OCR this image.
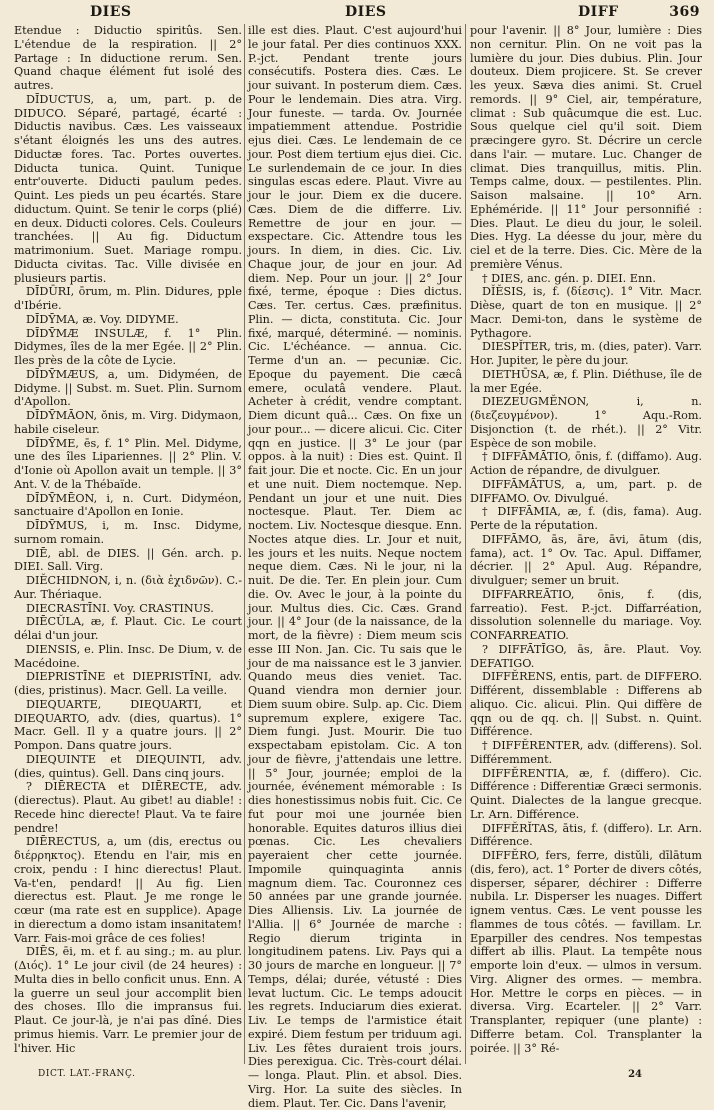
DIES	DIES	DIFF	369

Etendue : Diductio spiritûs. Sen. L'étendue de la respiration. || 2° Partage : In diductione rerum. Sen. Quand chaque élément fut isolé des autres.

DĪDUCTUS, a, um, part. p. de DIDUCO. Séparé, partagé, écarté : Diductis navibus. Cæs. Les vaisseaux s'étant éloignés les uns des autres. Diductæ fores. Tac. Portes ouvertes. Diducta tunica. Quint. Tunique entr'ouverte. Diducti paulum pedes. Quint. Les pieds un peu écartés. Stare diductum. Quint. Se tenir le corps (plié) en deux. Diducti colores. Cels. Couleurs tranchées. || Au fig. Diductum matrimonium. Suet. Mariage rompu. Diducta civitas. Tac. Ville divisée en plusieurs partis.

DĪDŪRI, ōrum, m. Plin. Didures, pple d'Ibérie.

DĪDȲMA, æ. Voy. DIDYME.

DĪDȲMÆ INSULÆ, f. 1° Plin. Didymes, îles de la mer Egée. || 2° Plin. Iles près de la côte de Lycie.

DĪDȲMÆUS, a, um. Didyméen, de Didyme. || Subst. m. Suet. Plin. Surnom d'Apollon.

DĪDȲMĀON, ŏnis, m. Virg. Didymaon, habile ciseleur.

DĪDȲME, ēs, f. 1° Plin. Mel. Didyme, une des îles Lipariennes. || 2° Plin. V. d'Ionie où Apollon avait un temple. || 3° Ant. V. de la Thébaïde.

DĪDȲMĒON, i, n. Curt. Didyméon, sanctuaire d'Apollon en Ionie.

DĪDȲMUS, i, m. Insc. Didyme, surnom romain.

DIĒ, abl. de DIES. || Gén. arch. p. DIEI. Sall. Virg.

DIĔCHIDNON, i, n. (διὰ ἐχιδνῶν). C.-Aur. Thériaque.

DIECRASTĪNI. Voy. CRASTINUS.

DIĒCŬLA, æ, f. Plaut. Cic. Le court délai d'un jour.

DIENSIS, e. Plin. Insc. De Dium, v. de Macédoine.

DIEPRISTĪNE et DIEPRISTĪNI, adv. (dies, pristinus). Macr. Gell. La veille.

DIEQUARTE, DIEQUARTI, et DIEQUARTO, adv. (dies, quartus). 1° Macr. Gell. Il y a quatre jours. || 2° Pompon. Dans quatre jours.

DIEQUINTE et DIEQUINTI, adv. (dies, quintus). Gell. Dans cinq jours.

? DIĒRECTA et DIĒRECTE, adv. (dierectus). Plaut. Au gibet! au diable! : Recede hinc dierecte! Plaut. Va te faire pendre!

DIĒRECTUS, a, um (dis, erectus ou διέρρηκτος). Etendu en l'air, mis en croix, pendu : I hinc dierectus! Plaut. Va-t'en, pendard! || Au fig. Lien dierectus est. Plaut. Je me ronge le cœur (ma rate est en supplice). Apage in dierectum a domo istam insanitatem! Varr. Fais-moi grâce de ces folies!

DIĒS, ēi, m. et f. au sing.; m. au plur. (Διός). 1° Le jour civil (de 24 heures) : Multa dies in bello conficit unus. Enn. A la guerre un seul jour accomplit bien des choses. Illo die impransus fui. Plaut. Ce jour-là, je n'ai pas dîné. Dies primus hiemis. Varr. Le premier jour de l'hiver. Hic

ille est dies. Plaut. C'est aujourd'hui le jour fatal. Per dies continuos XXX. P.-jct. Pendant trente jours consécutifs. Postera dies. Cæs. Le jour suivant. In posterum diem. Cæs. Pour le lendemain. Dies atra. Virg. Jour funeste. — tarda. Ov. Journée impatiemment attendue. Postridie ejus diei. Cæs. Le lendemain de ce jour. Post diem tertium ejus diei. Cic. Le surlendemain de ce jour. In dies singulas escas edere. Plaut. Vivre au jour le jour. Diem ex die ducere. Cæs. Diem de die differre. Liv. Remettre de jour en jour. — exspectare. Cic. Attendre tous les jours. In diem, in dies. Cic. Liv. Chaque jour, de jour en jour. Ad diem. Nep. Pour un jour. || 2° Jour fixé, terme, époque : Dies dictus. Cæs. Ter. certus. Cæs. præfinitus. Plin. — dicta, constituta. Cic. Jour fixé, marqué, déterminé. — nominis. Cic. L'échéance. — annua. Cic. Terme d'un an. — pecuniæ. Cic. Epoque du payement. Die cæcâ emere, oculatâ vendere. Plaut. Acheter à crédit, vendre comptant. Diem dicunt quâ... Cæs. On fixe un jour pour... — dicere alicui. Cic. Citer qqn en justice. || 3° Le jour (par oppos. à la nuit) : Dies est. Quint. Il fait jour. Die et nocte. Cic. En un jour et une nuit. Diem noctemque. Nep. Pendant un jour et une nuit. Dies noctesque. Plaut. Ter. Diem ac noctem. Liv. Noctesque diesque. Enn. Noctes atque dies. Lr. Jour et nuit, les jours et les nuits. Neque noctem neque diem. Cæs. Ni le jour, ni la nuit. De die. Ter. En plein jour. Cum die. Ov. Avec le jour, à la pointe du jour. Multus dies. Cic. Cæs. Grand jour. || 4° Jour (de la naissance, de la mort, de la fièvre) : Diem meum scis esse III Non. Jan. Cic. Tu sais que le jour de ma naissance est le 3 janvier. Quando meus dies veniet. Tac. Quand viendra mon dernier jour. Diem suum obire. Sulp. ap. Cic. Diem supremum explere, exigere Tac. Diem fungi. Just. Mourir. Die tuo exspectabam epistolam. Cic. A ton jour de fièvre, j'attendais une lettre. || 5° Jour, journée; emploi de la journée, événement mémorable : Is dies honestissimus nobis fuit. Cic. Ce fut pour moi une journée bien honorable. Equites daturos illius diei pœnas. Cic. Les chevaliers payeraient cher cette journée. Impomile quinquaginta annis magnum diem. Tac. Couronnez ces 50 années par une grande journée. Dies Alliensis. Liv. La journée de l'Allia. || 6° Journée de marche : Regio dierum triginta in longitudinem patens. Liv. Pays qui a 30 jours de marche en longueur. || 7° Temps, délai; durée, vétusté : Dies levat luctum. Cic. Le temps adoucit les regrets. Induciarum dies exierat. Liv. Le temps de l'armistice était expiré. Diem festum per triduum agi. Liv. Les fêtes duraient trois jours. Dies perexigua. Cic. Très-court délai. — longa. Plaut. Plin. et absol. Dies. Virg. Hor. La suite des siècles. In diem. Plaut. Ter. Cic. Dans l'avenir,

pour l'avenir. || 8° Jour, lumière : Dies non cernitur. Plin. On ne voit pas la lumière du jour. Dies dubius. Plin. Jour douteux. Diem projicere. St. Se crever les yeux. Sæva dies animi. St. Cruel remords. || 9° Ciel, air, température, climat : Sub quâcumque die est. Luc. Sous quelque ciel qu'il soit. Diem præcingere gyro. St. Décrire un cercle dans l'air. — mutare. Luc. Changer de climat. Dies tranquillus, mitis. Plin. Temps calme, doux. — pestilentes. Plin. Saison malsaine. || 10° Arn. Ephéméride. || 11° Jour personnifié : Dies. Plaut. Le dieu du jour, le soleil. Dies. Hyg. La déesse du jour, mère du ciel et de la terre. Dies. Cic. Mère de la première Vénus.

† DIES, anc. gén. p. DIEI. Enn.

DĬĔSIS, is, f. (δίεσις). 1° Vitr. Macr. Dièse, quart de ton en musique. || 2° Macr. Demi-ton, dans le système de Pythagore.

DIESPĬTER, tris, m. (dies, pater). Varr. Hor. Jupiter, le père du jour.

DIETHŪSA, æ, f. Plin. Diéthuse, île de la mer Egée.

DIEZEUGMĔNON, i, n. (διεζευγμένον). 1° Aqu.-Rom. Disjonction (t. de rhét.). || 2° Vitr. Espèce de son mobile.

† DIFFĀMĀTIO, ōnis, f. (diffamo). Aug. Action de répandre, de divulguer.

DIFFĀMĀTUS, a, um, part. p. de DIFFAMO. Ov. Divulgué.

† DIFFĀMIA, æ, f. (dis, fama). Aug. Perte de la réputation.

DIFFĀMO, ās, āre, āvi, ātum (dis, fama), act. 1° Ov. Tac. Apul. Diffamer, décrier. || 2° Apul. Aug. Répandre, divulguer; semer un bruit.

DIFFARREĀTIO, ōnis, f. (dis, farreatio). Fest. P.-jct. Diffarréation, dissolution solennelle du mariage. Voy. CONFARREATIO.

? DIFFĀTĪGO, ās, āre. Plaut. Voy. DEFATIGO.

DIFFĔRENS, entis, part. de DIFFERO. Différent, dissemblable : Differens ab aliquo. Cic. alicui. Plin. Qui diffère de qqn ou de qq. ch. || Subst. n. Quint. Différence.

† DIFFĔRENTER, adv. (differens). Sol. Différemment.

DIFFĔRENTIA, æ, f. (differo). Cic. Différence : Differentiæ Græci sermonis. Quint. Dialectes de la langue grecque. Lr. Arn. Différence.

DIFFĔRĬTAS, ātis, f. (differo). Lr. Arn. Différence.

DIFFĔRO, fers, ferre, distŭli, dīlātum (dis, fero), act. 1° Porter de divers côtés, disperser, séparer, déchirer : Differre nubila. Lr. Disperser les nuages. Differt ignem ventus. Cæs. Le vent pousse les flammes de tous côtés. — favillam. Lr. Eparpiller des cendres. Nos tempestas differt ab illis. Plaut. La tempête nous emporte loin d'eux. — ulmos in versum. Virg. Aligner des ormes. — membra. Hor. Mettre le corps en pièces. — in diversa. Virg. Ecarteler. || 2° Varr. Transplanter, repiquer (une plante) : Differre betam. Col. Transplanter la poirée. || 3° Ré-

DICT. LAT.-FRANÇ.	24
